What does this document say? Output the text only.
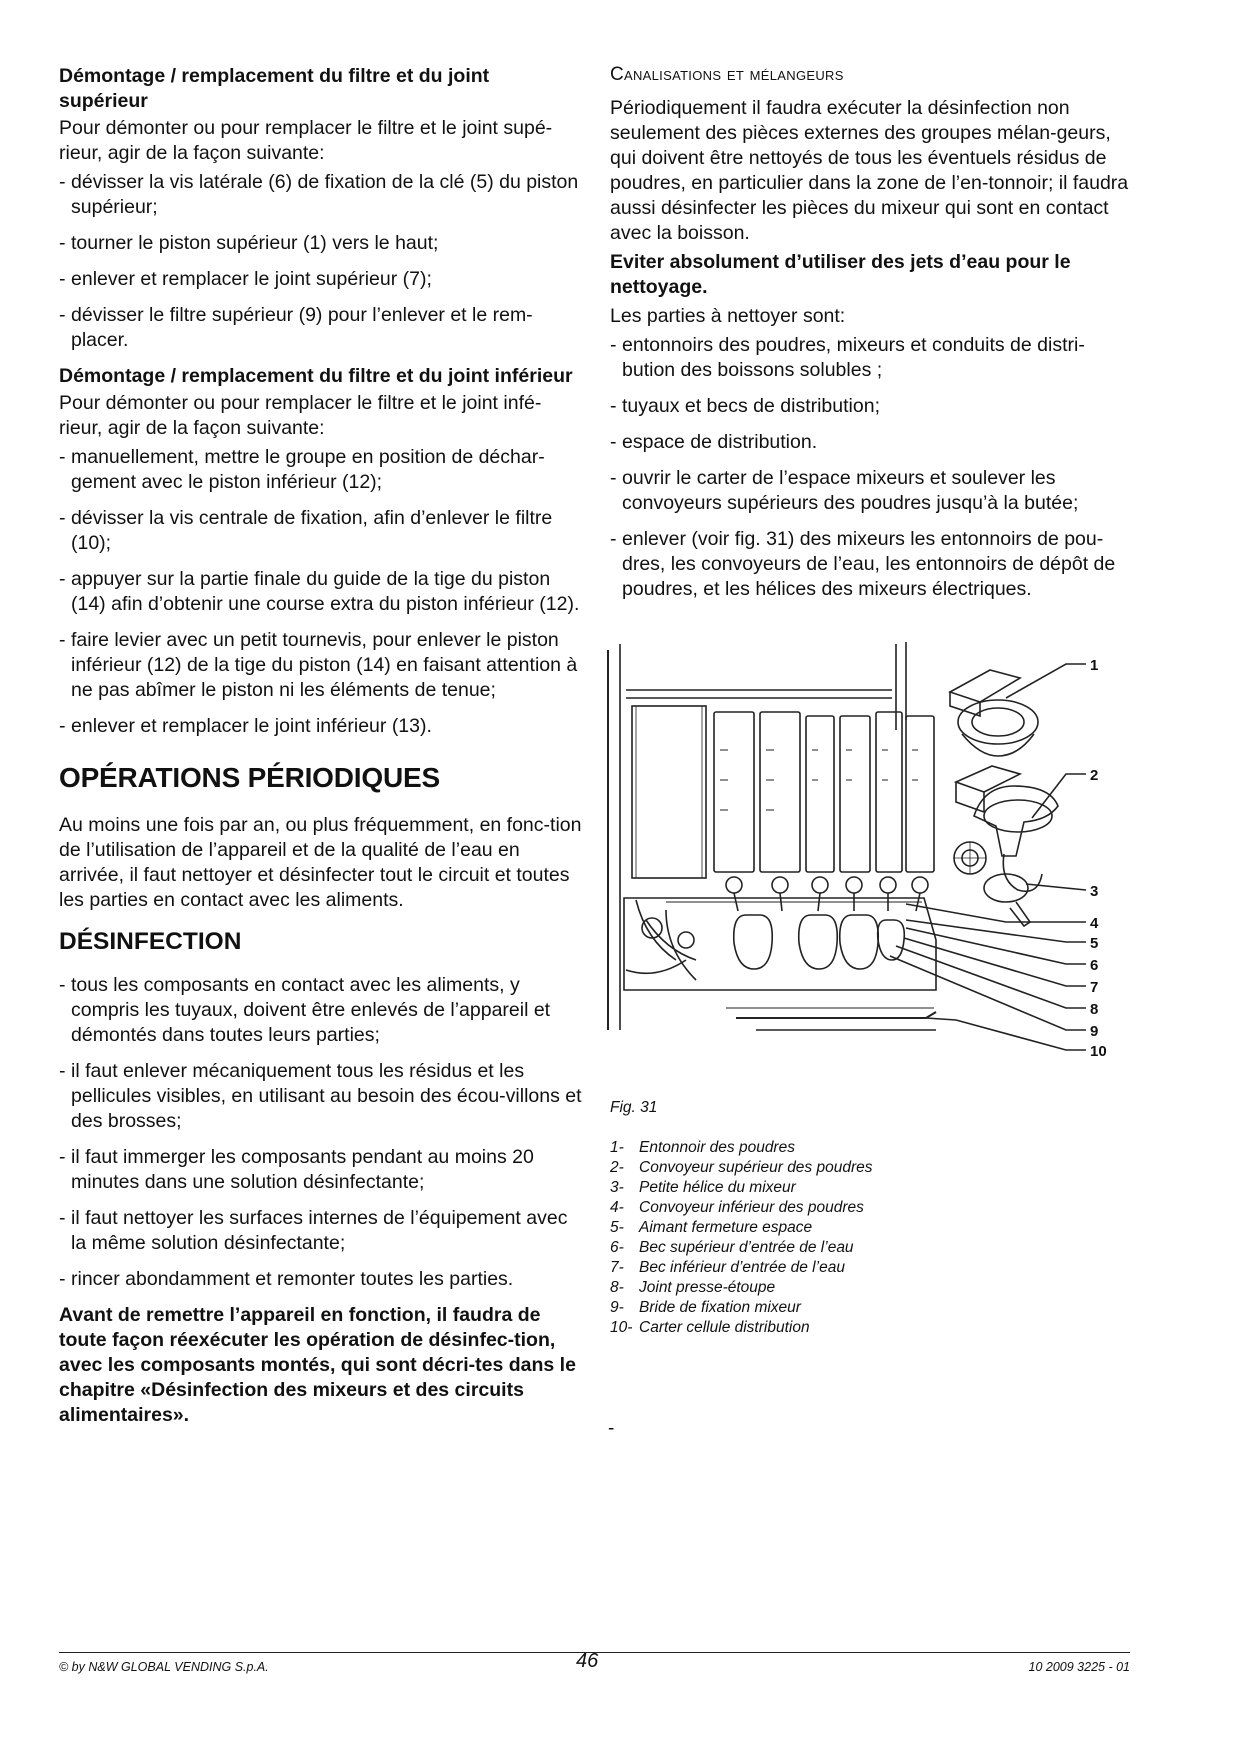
Démontage / remplacement du filtre et du joint supérieur
Pour démonter ou pour remplacer le filtre et le joint supé-rieur, agir de la façon suivante:
- dévisser la vis latérale (6) de fixation de la clé (5) du piston supérieur;
- tourner le piston supérieur (1) vers le haut;
- enlever et remplacer le joint supérieur (7);
- dévisser le filtre supérieur (9) pour l’enlever et le rem-placer.
Démontage / remplacement du filtre et du joint inférieur
Pour démonter ou pour remplacer le filtre et le joint infé-rieur, agir de la façon suivante:
- manuellement, mettre le groupe en position de déchar-gement avec le piston inférieur (12);
- dévisser la vis centrale de fixation, afin d’enlever le filtre (10);
- appuyer sur la partie finale du guide de la tige du piston (14) afin d’obtenir une course extra du piston inférieur (12).
- faire levier avec un petit tournevis, pour enlever le piston inférieur (12) de la tige du piston (14) en faisant attention à ne pas abîmer le piston ni les éléments de tenue;
- enlever et remplacer le joint inférieur (13).
OPÉRATIONS PÉRIODIQUES
Au moins une fois par an, ou plus fréquemment, en fonc-tion de l’utilisation de l’appareil et de la qualité de l’eau en arrivée, il faut nettoyer et désinfecter tout le circuit et toutes les parties en contact avec les aliments.
DÉSINFECTION
- tous les composants en contact avec les aliments, y compris les tuyaux, doivent être enlevés de l’appareil et démontés dans toutes leurs parties;
- il faut enlever mécaniquement tous les résidus et les pellicules visibles, en utilisant au besoin des écou-villons et des brosses;
- il faut immerger les composants pendant au moins 20 minutes dans une solution désinfectante;
- il faut nettoyer les surfaces internes de l’équipement avec la même solution désinfectante;
- rincer abondamment et remonter toutes les parties.
Avant de remettre l’appareil en fonction, il faudra de toute façon réexécuter les opération de désinfec-tion, avec les composants montés, qui sont décri-tes dans le chapitre «Désinfection des mixeurs et des circuits alimentaires».
Canalisations et mélangeurs
Périodiquement il faudra exécuter la désinfection non seulement des pièces externes des groupes mélan-geurs, qui doivent être nettoyés de tous les éventuels résidus de poudres, en particulier dans la zone de l’en-tonnoir; il faudra aussi désinfecter les pièces du mixeur qui sont en contact avec la boisson.
Eviter absolument d’utiliser des jets d’eau pour le nettoyage.
Les parties à nettoyer sont:
- entonnoirs des poudres, mixeurs et conduits de distri-bution des boissons solubles ;
- tuyaux et becs de distribution;
- espace de distribution.
- ouvrir le carter de l’espace mixeurs et soulever les convoyeurs supérieurs des poudres jusqu’à la butée;
- enlever (voir fig. 31) des mixeurs les entonnoirs de pou-dres, les convoyeurs de l’eau, les entonnoirs de dépôt de poudres, et les hélices des mixeurs électriques.
1
2
3
4
5
6
7
8
9
10
Fig. 31
1- Entonnoir des poudres
2- Convoyeur supérieur des poudres
3- Petite hélice du mixeur
4- Convoyeur inférieur des poudres
5- Aimant fermeture espace
6- Bec supérieur d’entrée de l’eau
7- Bec inférieur d’entrée de l’eau
8- Joint presse-étoupe
9- Bride de fixation mixeur
10- Carter cellule distribution
-
© by N&W GLOBAL VENDING S.p.A.	46	10 2009 3225 - 01
